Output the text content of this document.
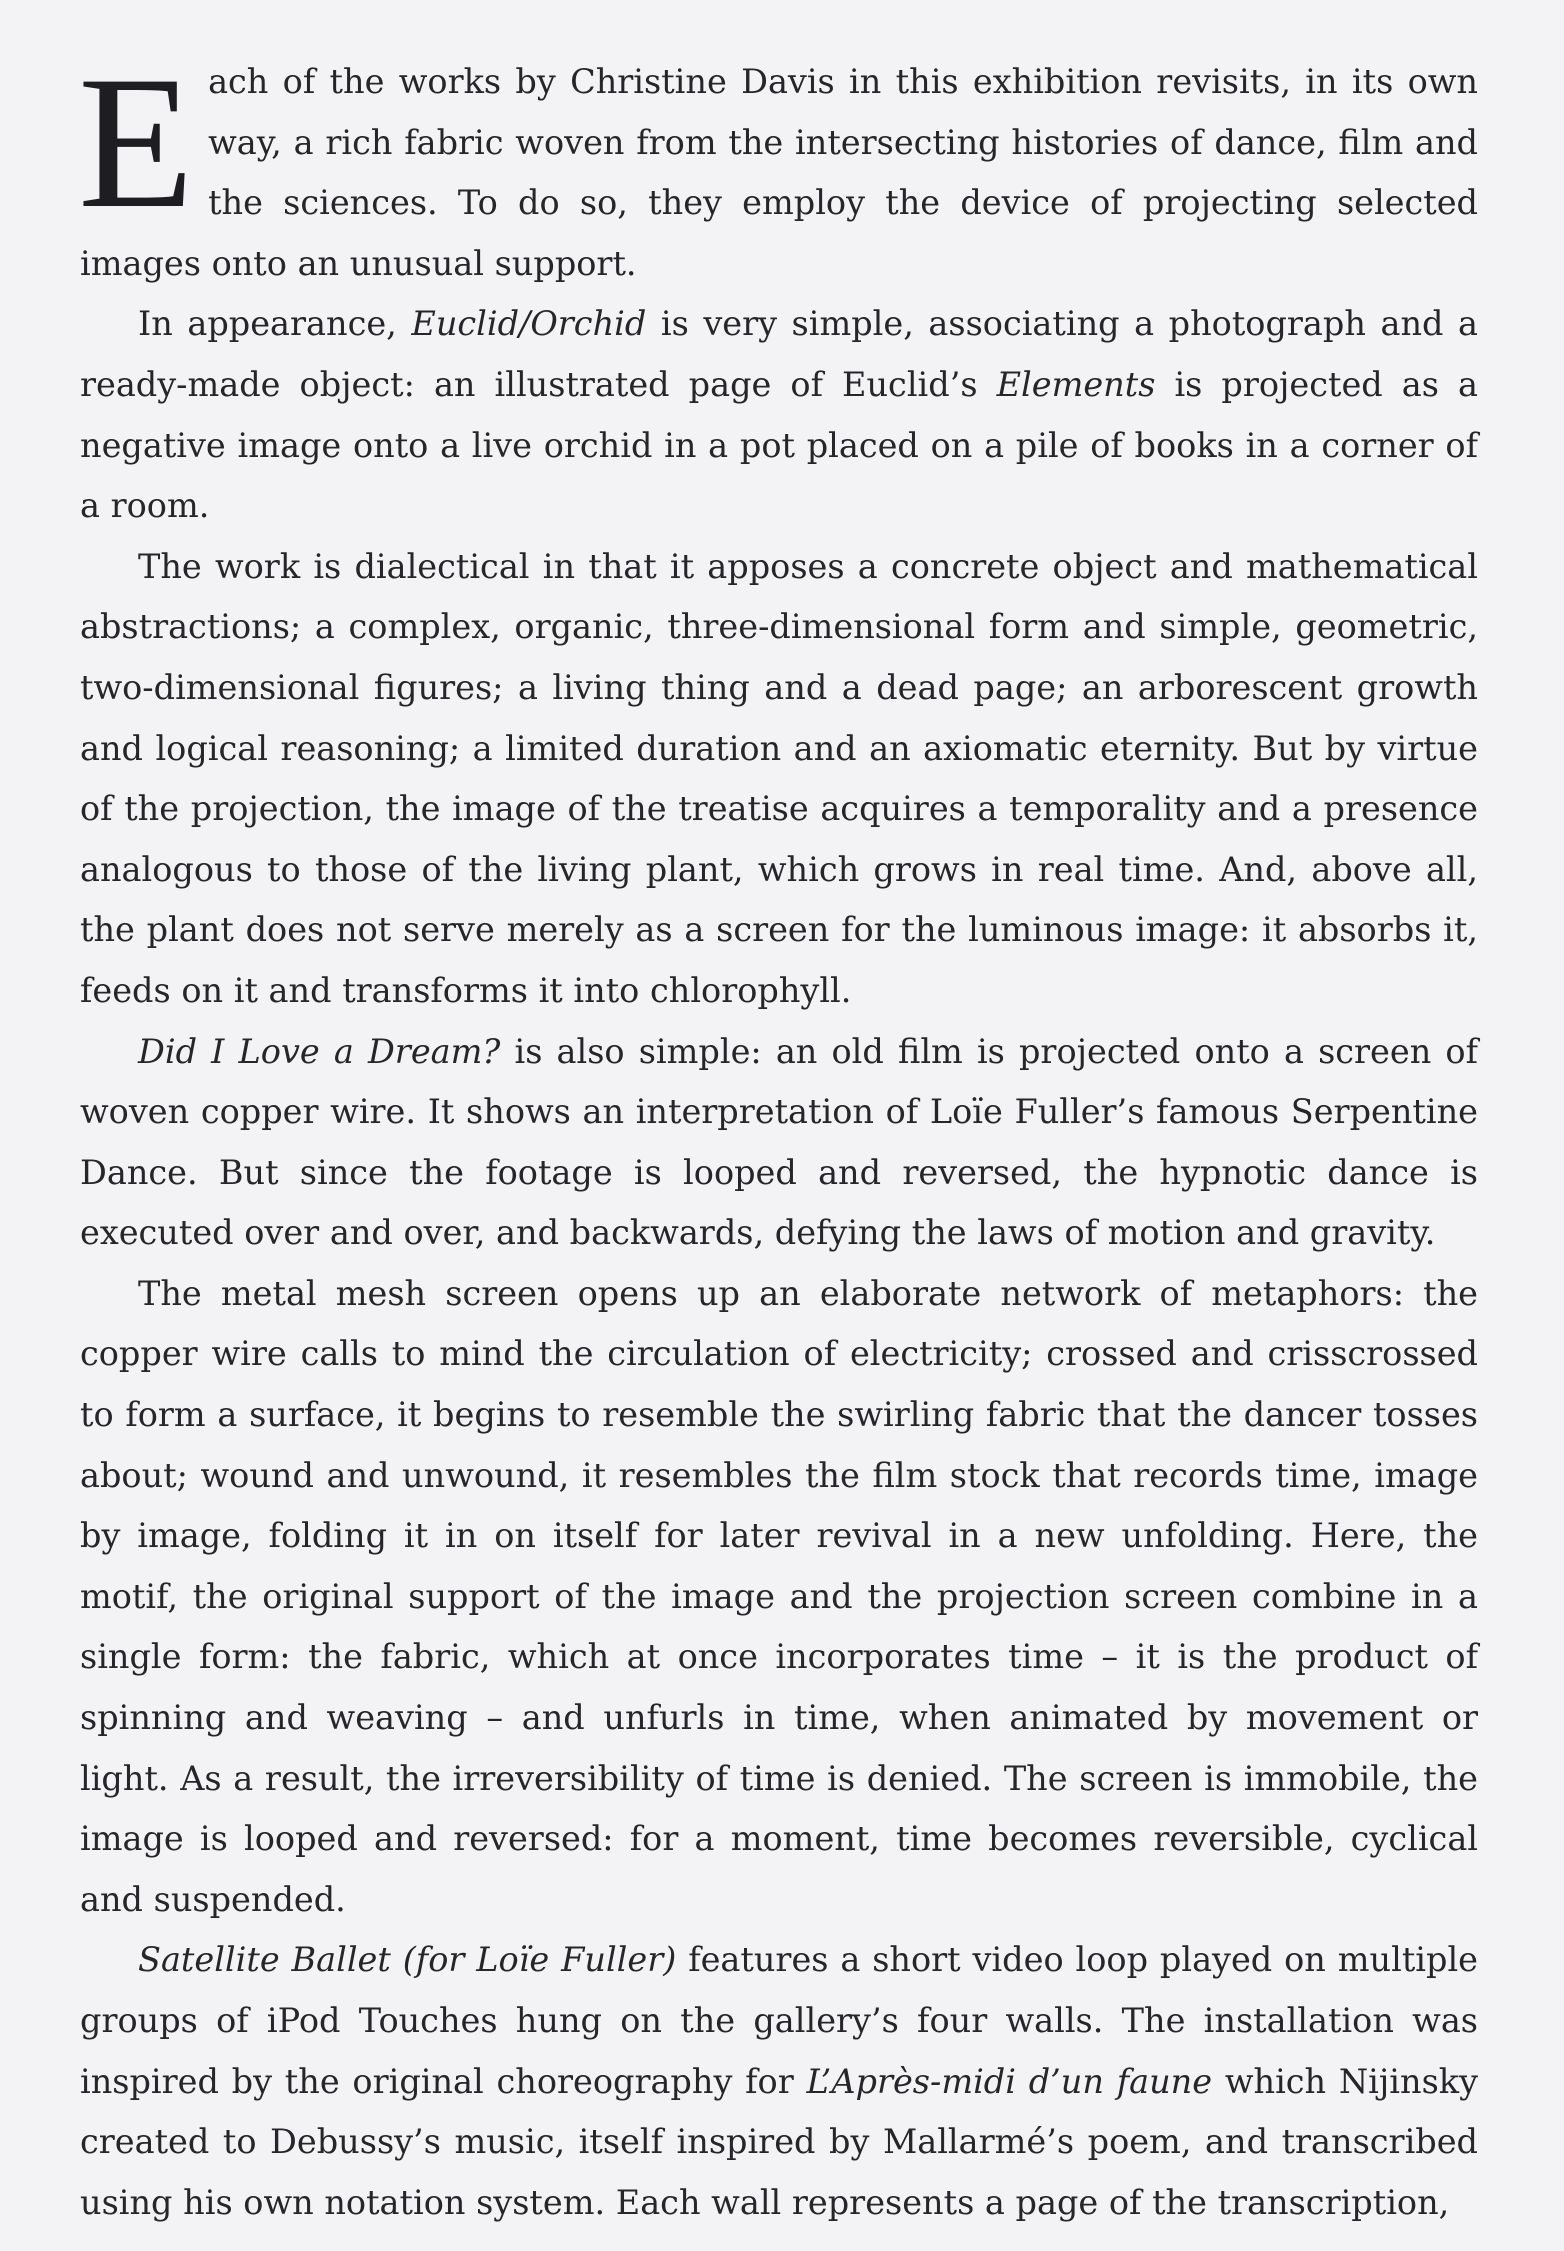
Each of the works by Christine Davis in this exhibition revisits, in its own way, a rich fabric woven from the intersecting histories of dance, film and the sciences. To do so, they employ the device of projecting selected images onto an unusual support.

In appearance, Euclid/Orchid is very simple, associating a photograph and a ready-made object: an illustrated page of Euclid’s Elements is projected as a negative image onto a live orchid in a pot placed on a pile of books in a corner of a room.

The work is dialectical in that it apposes a concrete object and mathematical abstractions; a complex, organic, three-dimensional form and simple, geometric, two-dimensional figures; a living thing and a dead page; an arborescent growth and logical reasoning; a limited duration and an axiomatic eternity. But by virtue of the projection, the image of the treatise acquires a temporality and a presence analogous to those of the living plant, which grows in real time. And, above all, the plant does not serve merely as a screen for the luminous image: it absorbs it, feeds on it and transforms it into chlorophyll.

Did I Love a Dream? is also simple: an old film is projected onto a screen of woven copper wire. It shows an interpretation of Loïe Fuller’s famous Serpentine Dance. But since the footage is looped and reversed, the hypnotic dance is executed over and over, and backwards, defying the laws of motion and gravity.

The metal mesh screen opens up an elaborate network of metaphors: the copper wire calls to mind the circulation of electricity; crossed and crisscrossed to form a surface, it begins to resemble the swirling fabric that the dancer tosses about; wound and unwound, it resembles the film stock that records time, image by image, folding it in on itself for later revival in a new unfolding. Here, the motif, the original support of the image and the projection screen combine in a single form: the fabric, which at once incorporates time – it is the product of spinning and weaving – and unfurls in time, when animated by movement or light. As a result, the irreversibility of time is denied. The screen is immobile, the image is looped and reversed: for a moment, time becomes reversible, cyclical and suspended.

Satellite Ballet (for Loïe Fuller) features a short video loop played on multiple groups of iPod Touches hung on the gallery’s four walls. The installation was inspired by the original choreography for L’Après-midi d’un faune which Nijinsky created to Debussy’s music, itself inspired by Mallarmé’s poem, and transcribed using his own notation system. Each wall represents a page of the transcription,
